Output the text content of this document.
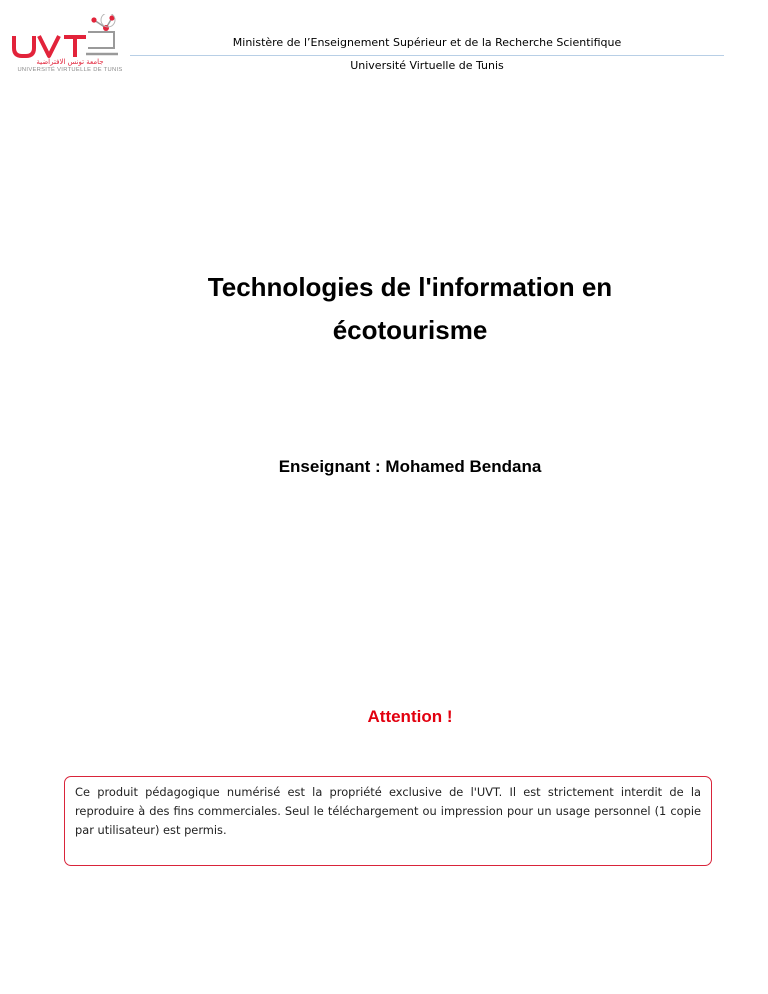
جامعة تونس الافتراضية
UNIVERSITÉ VIRTUELLE DE TUNIS
Ministère de l’Enseignement Supérieur et de la Recherche Scientifique
Université Virtuelle de Tunis
Technologies de l'information en
écotourisme
Enseignant : Mohamed Bendana
Attention !

Ce produit pédagogique numérisé est la propriété exclusive de l'UVT. Il est strictement interdit de la reproduire à des fins commerciales. Seul le téléchargement ou impression pour un usage personnel (1 copie par utilisateur) est permis.
